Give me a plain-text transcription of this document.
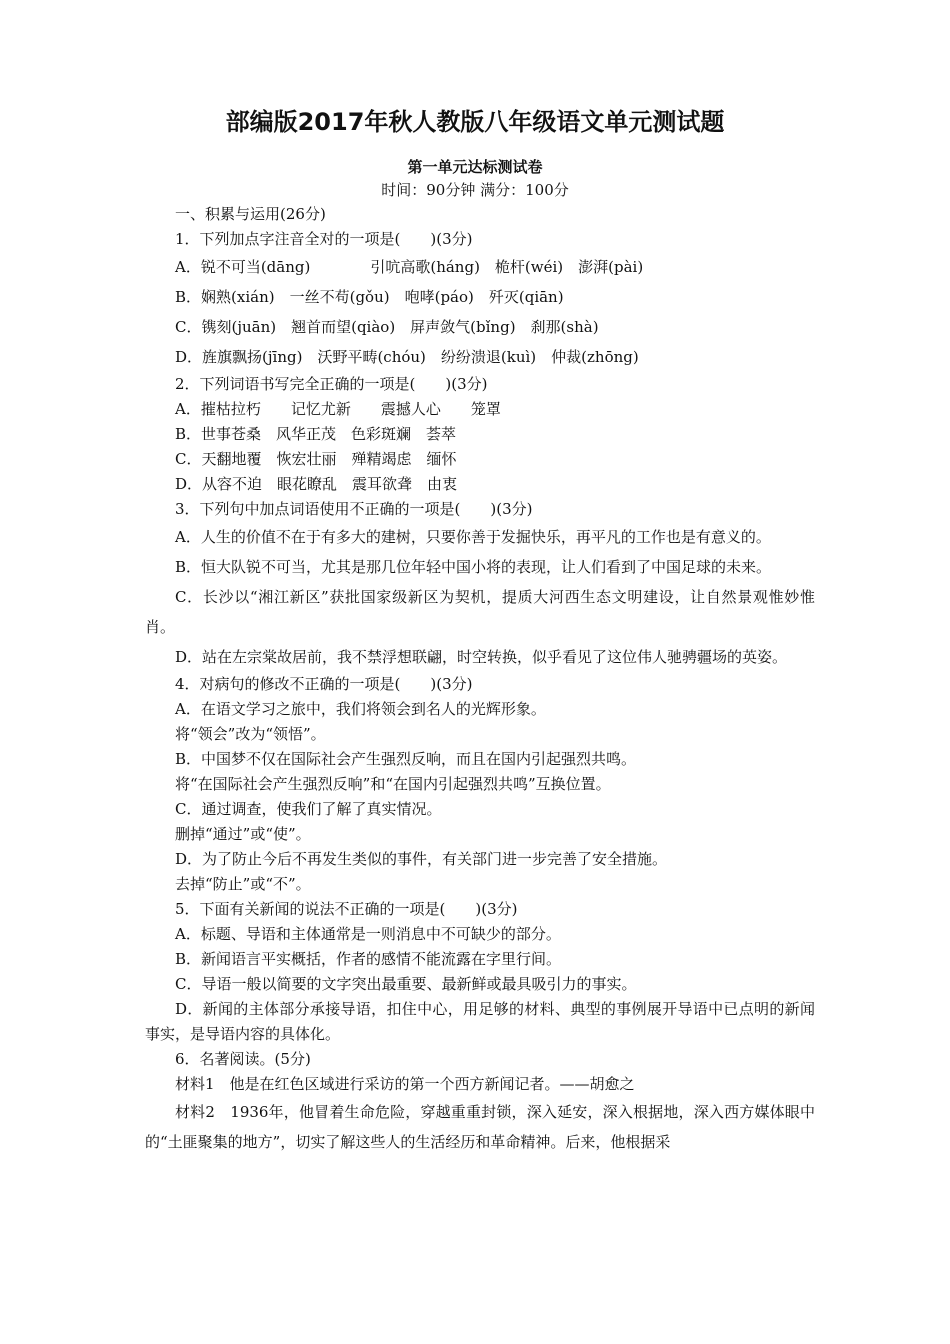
部编版2017年秋人教版八年级语文单元测试题
第一单元达标测试卷
时间：90分钟 满分：100分
一、积累与运用(26分)
1．下列加点字注音全对的一项是(　　)(3分)
A．锐不可当(dāng)　　　　引吭高歌(háng)　桅杆(wéi)　澎湃(pài)
B．娴熟(xián)　一丝不苟(gǒu)　咆哮(páo)　歼灭(qiān)
C．镌刻(juān)　翘首而望(qiào)　屏声敛气(bǐng)　刹那(shà)
D．旌旗飘扬(jīng)　沃野平畴(chóu)　纷纷溃退(kuì)　仲裁(zhōng)
2．下列词语书写完全正确的一项是(　　)(3分)
A．摧枯拉朽　　记忆尤新　　震撼人心　　笼罩
B．世事苍桑　风华正茂　色彩斑斓　荟萃
C．天翻地覆　恢宏壮丽　殚精竭虑　缅怀
D．从容不迫　眼花瞭乱　震耳欲聋　由衷
3．下列句中加点词语使用不正确的一项是(　　)(3分)
A．人生的价值不在于有多大的建树，只要你善于发掘快乐，再平凡的工作也是有意义的。
B．恒大队锐不可当，尤其是那几位年轻中国小将的表现，让人们看到了中国足球的未来。
C．长沙以“湘江新区”获批国家级新区为契机，提质大河西生态文明建设，让自然景观惟妙惟肖。
D．站在左宗棠故居前，我不禁浮想联翩，时空转换，似乎看见了这位伟人驰骋疆场的英姿。
4．对病句的修改不正确的一项是(　　)(3分)
A．在语文学习之旅中，我们将领会到名人的光辉形象。
将“领会”改为“领悟”。
B．中国梦不仅在国际社会产生强烈反响，而且在国内引起强烈共鸣。
将“在国际社会产生强烈反响”和“在国内引起强烈共鸣”互换位置。
C．通过调查，使我们了解了真实情况。
删掉“通过”或“使”。
D．为了防止今后不再发生类似的事件，有关部门进一步完善了安全措施。
去掉“防止”或“不”。
5．下面有关新闻的说法不正确的一项是(　　)(3分)
A．标题、导语和主体通常是一则消息中不可缺少的部分。
B．新闻语言平实概括，作者的感情不能流露在字里行间。
C．导语一般以简要的文字突出最重要、最新鲜或最具吸引力的事实。
D．新闻的主体部分承接导语，扣住中心，用足够的材料、典型的事例展开导语中已点明的新闻事实，是导语内容的具体化。
6．名著阅读。(5分)
材料1　他是在红色区域进行采访的第一个西方新闻记者。——胡愈之
材料2　1936年，他冒着生命危险，穿越重重封锁，深入延安，深入根据地，深入西方媒体眼中的“土匪聚集的地方”，切实了解这些人的生活经历和革命精神。后来，他根据采
